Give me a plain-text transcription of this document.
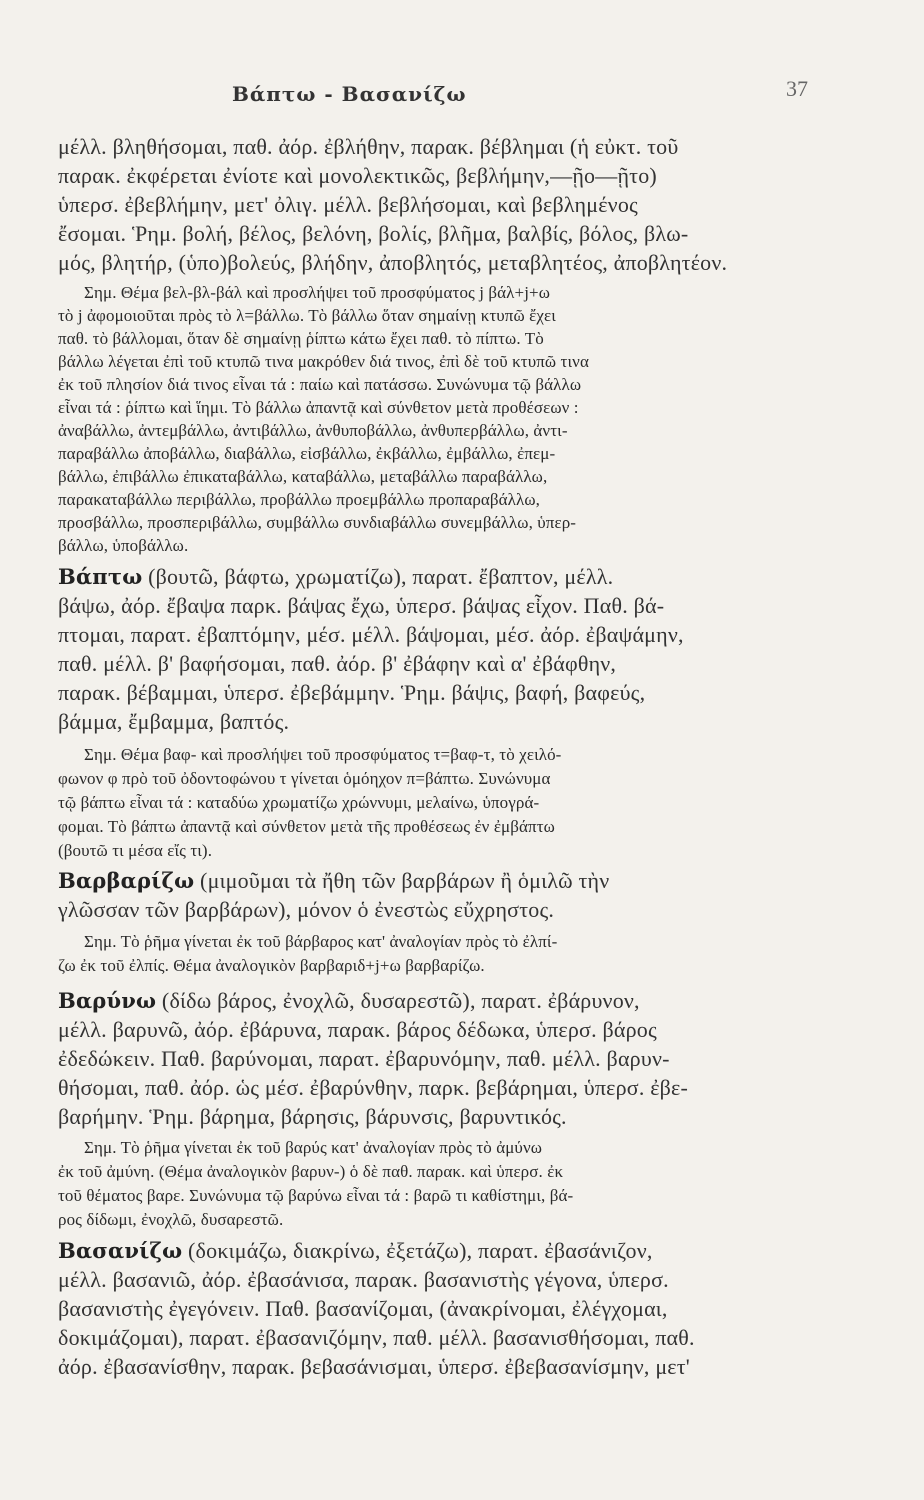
Βάπτω - Βασανίζω	37
μέλλ. βληθήσομαι, παθ. ἀόρ. ἐβλήθην, παρακ. βέβλημαι (ἡ εὐκτ. τοῦ
παρακ. ἐκφέρεται ἐνίοτε καὶ μονολεκτικῶς, βεβλήμην,—ῇο—ῇτο)
ὑπερσ. ἐβεβλήμην, μετ' ὀλιγ. μέλλ. βεβλήσομαι, καὶ βεβλημένος
ἔσομαι. Ῥημ. βολή, βέλος, βελόνη, βολίς, βλῆμα, βαλβίς, βόλος, βλω-
μός, βλητήρ, (ὑπο)βολεύς, βλήδην, ἀποβλητός, μεταβλητέος, ἀποβλητέον.
Σημ. Θέμα βελ-βλ-βάλ καὶ προσλήψει τοῦ προσφύματος j βάλ+j+ω
τὸ j ἀφομοιοῦται πρὸς τὸ λ=βάλλω. Τὸ βάλλω ὅταν σημαίνῃ κτυπῶ ἔχει
παθ. τὸ βάλλομαι, ὅταν δὲ σημαίνῃ ῥίπτω κάτω ἔχει παθ. τὸ πίπτω. Τὸ
βάλλω λέγεται ἐπὶ τοῦ κτυπῶ τινα μακρόθεν διά τινος, ἐπὶ δὲ τοῦ κτυπῶ τινα
ἐκ τοῦ πλησίον διά τινος εἶναι τά : παίω καὶ πατάσσω. Συνώνυμα τῷ βάλλω
εἶναι τά : ῥίπτω καὶ ἵημι. Τὸ βάλλω ἀπαντᾷ καὶ σύνθετον μετὰ προθέσεων :
ἀναβάλλω, ἀντεμβάλλω, ἀντιβάλλω, ἀνθυποβάλλω, ἀνθυπερβάλλω, ἀντι-
παραβάλλω ἀποβάλλω, διαβάλλω, εἰσβάλλω, ἐκβάλλω, ἐμβάλλω, ἐπεμ-
βάλλω, ἐπιβάλλω ἐπικαταβάλλω, καταβάλλω, μεταβάλλω παραβάλλω,
παρακαταβάλλω περιβάλλω, προβάλλω προεμβάλλω προπαραβάλλω,
προσβάλλω, προσπεριβάλλω, συμβάλλω συνδιαβάλλω συνεμβάλλω, ὑπερ-
βάλλω, ὑποβάλλω.
Βάπτω (βουτῶ, βάφτω, χρωματίζω), παρατ. ἔβαπτον, μέλλ.
βάψω, ἀόρ. ἔβαψα παρκ. βάψας ἔχω, ὑπερσ. βάψας εἶχον. Παθ. βά-
πτομαι, παρατ. ἐβαπτόμην, μέσ. μέλλ. βάψομαι, μέσ. ἀόρ. ἐβαψάμην,
παθ. μέλλ. β' βαφήσομαι, παθ. ἀόρ. β' ἐβάφην καὶ α' ἐβάφθην,
παρακ. βέβαμμαι, ὑπερσ. ἐβεβάμμην. Ῥημ. βάψις, βαφή, βαφεύς,
βάμμα, ἔμβαμμα, βαπτός.
Σημ. Θέμα βαφ- καὶ προσλήψει τοῦ προσφύματος τ=βαφ-τ, τὸ χειλό-
φωνον φ πρὸ τοῦ ὀδοντοφώνου τ γίνεται ὁμόηχον π=βάπτω. Συνώνυμα
τῷ βάπτω εἶναι τά : καταδύω χρωματίζω χρώννυμι, μελαίνω, ὑπογρά-
φομαι. Τὸ βάπτω ἀπαντᾷ καὶ σύνθετον μετὰ τῆς προθέσεως ἐν ἐμβάπτω
(βουτῶ τι μέσα εἴς τι).
Βαρβαρίζω (μιμοῦμαι τὰ ἤθη τῶν βαρβάρων ἢ ὁμιλῶ τὴν
γλῶσσαν τῶν βαρβάρων), μόνον ὁ ἐνεστὼς εὔχρηστος.
Σημ. Τὸ ῥῆμα γίνεται ἐκ τοῦ βάρβαρος κατ' ἀναλογίαν πρὸς τὸ ἐλπί-
ζω ἐκ τοῦ ἐλπίς. Θέμα ἀναλογικὸν βαρβαριδ+j+ω βαρβαρίζω.
Βαρύνω (δίδω βάρος, ἐνοχλῶ, δυσαρεστῶ), παρατ. ἐβάρυνον,
μέλλ. βαρυνῶ, ἀόρ. ἐβάρυνα, παρακ. βάρος δέδωκα, ὑπερσ. βάρος
ἐδεδώκειν. Παθ. βαρύνομαι, παρατ. ἐβαρυνόμην, παθ. μέλλ. βαρυν-
θήσομαι, παθ. ἀόρ. ὡς μέσ. ἐβαρύνθην, παρκ. βεβάρημαι, ὑπερσ. ἐβε-
βαρήμην. Ῥημ. βάρημα, βάρησις, βάρυνσις, βαρυντικός.
Σημ. Τὸ ῥῆμα γίνεται ἐκ τοῦ βαρύς κατ' ἀναλογίαν πρὸς τὸ ἀμύνω
ἐκ τοῦ ἀμύνη. (Θέμα ἀναλογικὸν βαρυν-) ὁ δὲ παθ. παρακ. καὶ ὑπερσ. ἐκ
τοῦ θέματος βαρε. Συνώνυμα τῷ βαρύνω εἶναι τά : βαρῶ τι καθίστημι, βά-
ρος δίδωμι, ἐνοχλῶ, δυσαρεστῶ.
Βασανίζω (δοκιμάζω, διακρίνω, ἐξετάζω), παρατ. ἐβασάνιζον,
μέλλ. βασανιῶ, ἀόρ. ἐβασάνισα, παρακ. βασανιστὴς γέγονα, ὑπερσ.
βασανιστὴς ἐγεγόνειν. Παθ. βασανίζομαι, (ἀνακρίνομαι, ἐλέγχομαι,
δοκιμάζομαι), παρατ. ἐβασανιζόμην, παθ. μέλλ. βασανισθήσομαι, παθ.
ἀόρ. ἐβασανίσθην, παρακ. βεβασάνισμαι, ὑπερσ. ἐβεβασανίσμην, μετ'
